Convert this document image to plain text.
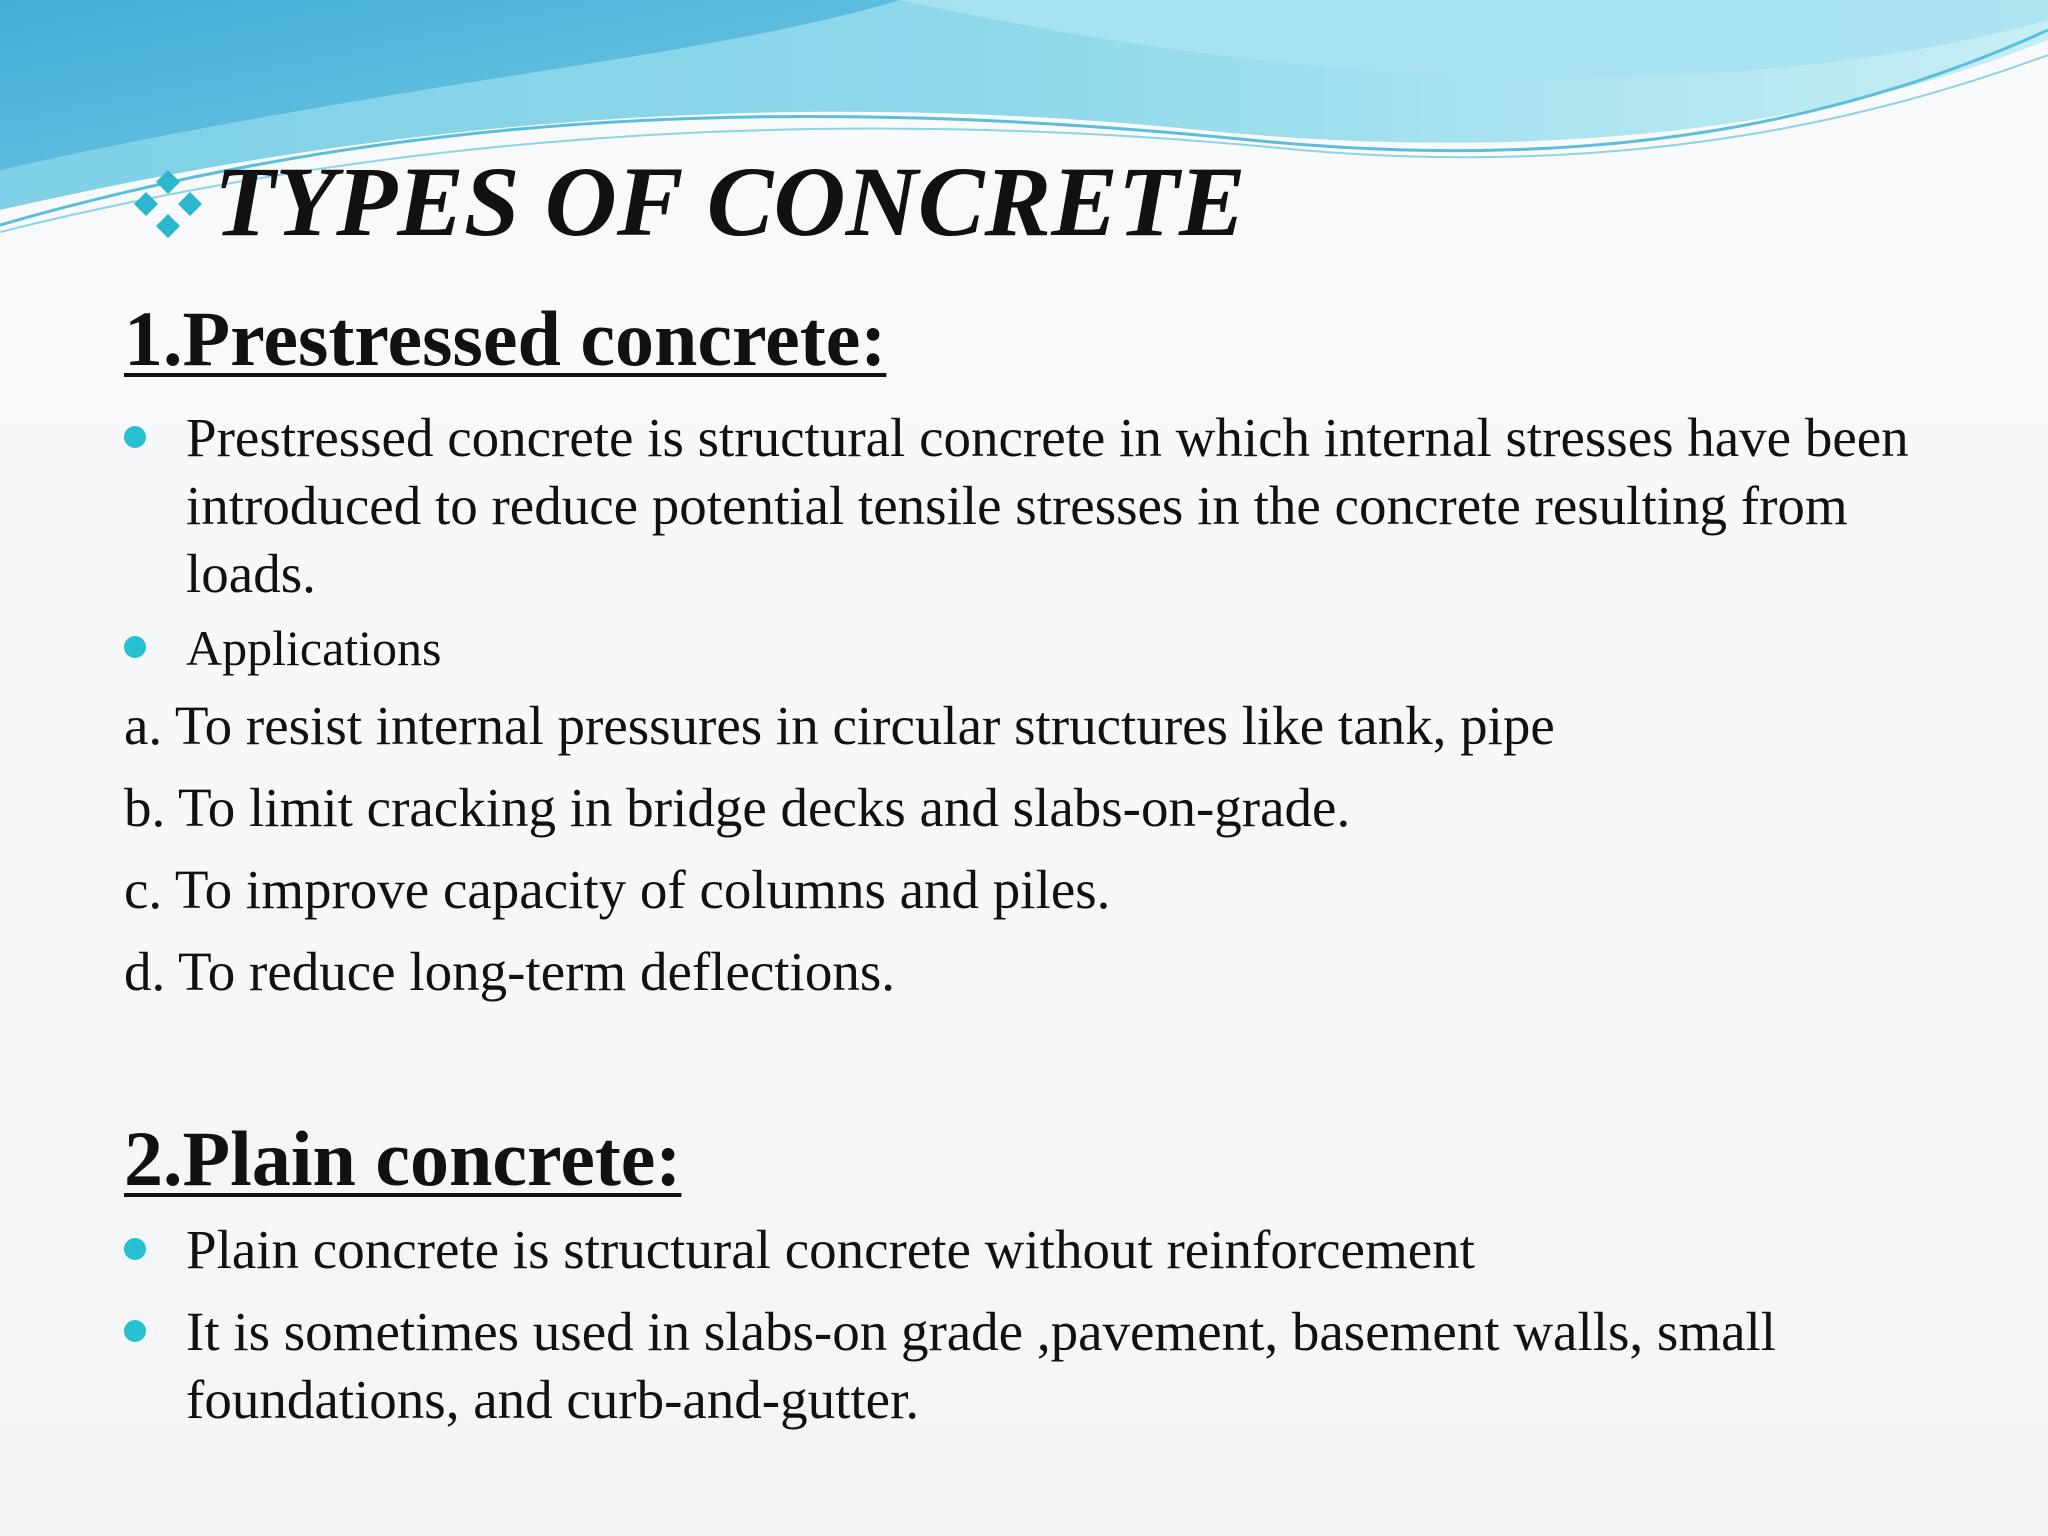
TYPES OF CONCRETE
1.Prestressed concrete:
Prestressed concrete is structural concrete in which internal stresses have been introduced to reduce potential tensile stresses in the concrete resulting from loads.
Applications
a. To resist internal pressures in circular structures like tank, pipe
b. To limit cracking in bridge decks and slabs-on-grade.
c. To improve capacity of columns and piles.
d. To reduce long-term deflections.
2.Plain concrete:
Plain concrete is structural concrete without reinforcement
It is sometimes used in slabs-on grade ,pavement, basement walls, small foundations, and curb-and-gutter.
